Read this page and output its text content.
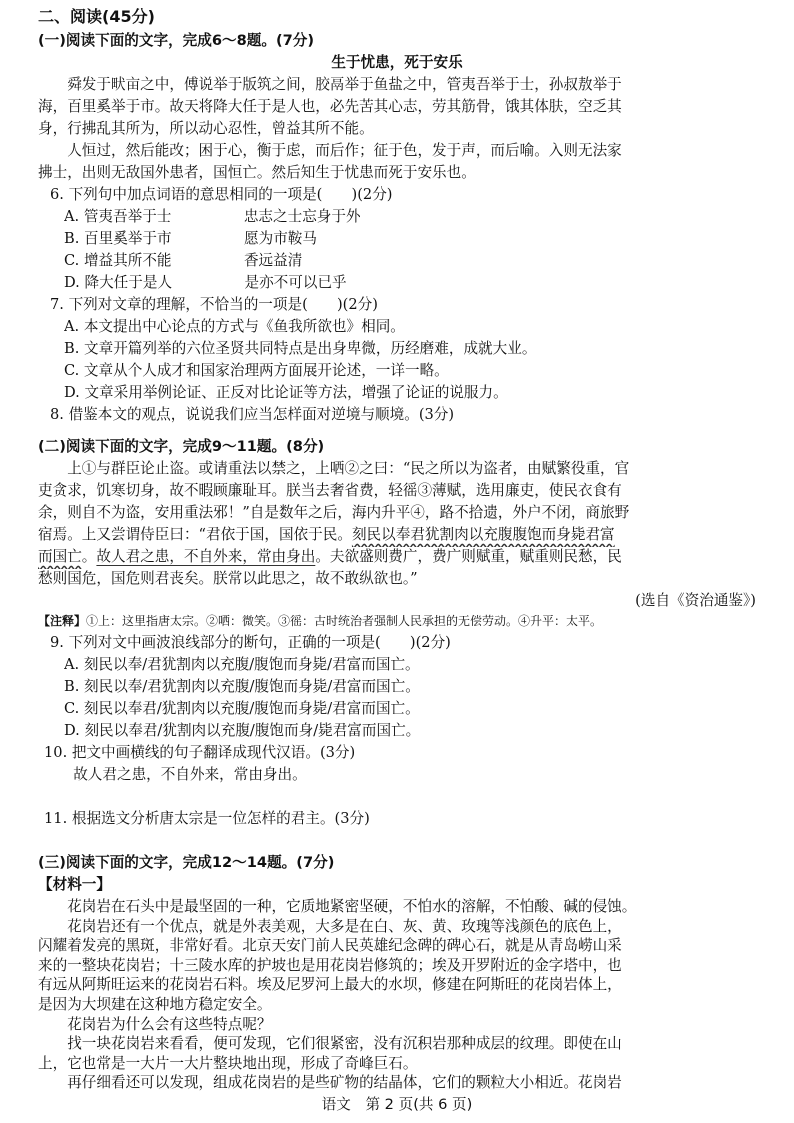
二、阅读(45分)
(一)阅读下面的文字，完成6～8题。(7分)
生于忧患，死于安乐
　　舜发于畎亩之中，傅说举于版筑之间，胶鬲举于鱼盐之中，管夷吾举于士，孙叔敖举于
海，百里奚举于市。故天将降大任于是人也，必先苦其心志，劳其筋骨，饿其体肤，空乏其
身，行拂乱其所为，所以动心忍性，曾益其所不能。
　　人恒过，然后能改；困于心，衡于虑，而后作；征于色，发于声，而后喻。入则无法家
拂士，出则无敌国外患者，国恒亡。然后知生于忧患而死于安乐也。
6. 下列句中加点词语的意思相同的一项是(　　)(2分)
A. 管夷吾举于士	忠志之士忘身于外
B. 百里奚举于市	愿为市鞍马
C. 增益其所不能	香远益清
D. 降大任于是人	是亦不可以已乎
7. 下列对文章的理解，不恰当的一项是(　　)(2分)
A. 本文提出中心论点的方式与《鱼我所欲也》相同。
B. 文章开篇列举的六位圣贤共同特点是出身卑微，历经磨难，成就大业。
C. 文章从个人成才和国家治理两方面展开论述，一详一略。
D. 文章采用举例论证、正反对比论证等方法，增强了论证的说服力。
8. 借鉴本文的观点，说说我们应当怎样面对逆境与顺境。(3分)
(二)阅读下面的文字，完成9～11题。(8分)
　　上①与群臣论止盗。或请重法以禁之，上哂②之曰：“民之所以为盗者，由赋繁役重，官
吏贪求，饥寒切身，故不暇顾廉耻耳。朕当去奢省费，轻徭③薄赋，选用廉吏，使民衣食有
余，则自不为盗，安用重法邪！”自是数年之后，海内升平④，路不拾遗，外户不闭，商旅野
宿焉。上又尝谓侍臣曰：“君依于国，国依于民。刻民以奉君犹割肉以充腹腹饱而身毙君富
而国亡。故人君之患，不自外来，常由身出。夫欲盛则费广，费广则赋重，赋重则民愁，民
愁则国危，国危则君丧矣。朕常以此思之，故不敢纵欲也。”
(选自《资治通鉴》)
【注释】①上：这里指唐太宗。②哂：微笑。③徭：古时统治者强制人民承担的无偿劳动。④升平：太平。
9. 下列对文中画波浪线部分的断句，正确的一项是(　　)(2分)
A. 刻民以奉/君犹割肉以充腹/腹饱而身毙/君富而国亡。
B. 刻民以奉/君犹割肉以充腹/腹饱而身毙/君富而国亡。
C. 刻民以奉君/犹割肉以充腹/腹饱而身毙/君富而国亡。
D. 刻民以奉君/犹割肉以充腹/腹饱而身/毙君富而国亡。
10. 把文中画横线的句子翻译成现代汉语。(3分)
　　故人君之患，不自外来，常由身出。
11. 根据选文分析唐太宗是一位怎样的君主。(3分)
(三)阅读下面的文字，完成12～14题。(7分)
【材料一】
　　花岗岩在石头中是最坚固的一种，它质地紧密坚硬，不怕水的溶解，不怕酸、碱的侵蚀。
　　花岗岩还有一个优点，就是外表美观，大多是在白、灰、黄、玫瑰等浅颜色的底色上，
闪耀着发亮的黑斑，非常好看。北京天安门前人民英雄纪念碑的碑心石，就是从青岛崂山采
来的一整块花岗岩；十三陵水库的护坡也是用花岗岩修筑的；埃及开罗附近的金字塔中，也
有远从阿斯旺运来的花岗岩石料。埃及尼罗河上最大的水坝，修建在阿斯旺的花岗岩体上，
是因为大坝建在这种地方稳定安全。
　　花岗岩为什么会有这些特点呢？
　　找一块花岗岩来看看，便可发现，它们很紧密，没有沉积岩那种成层的纹理。即使在山
上，它也常是一大片一大片整块地出现，形成了奇峰巨石。
语文　第 2 页(共 6 页)
　　再仔细看还可以发现，组成花岗岩的是些矿物的结晶体，它们的颗粒大小相近。花岗岩
